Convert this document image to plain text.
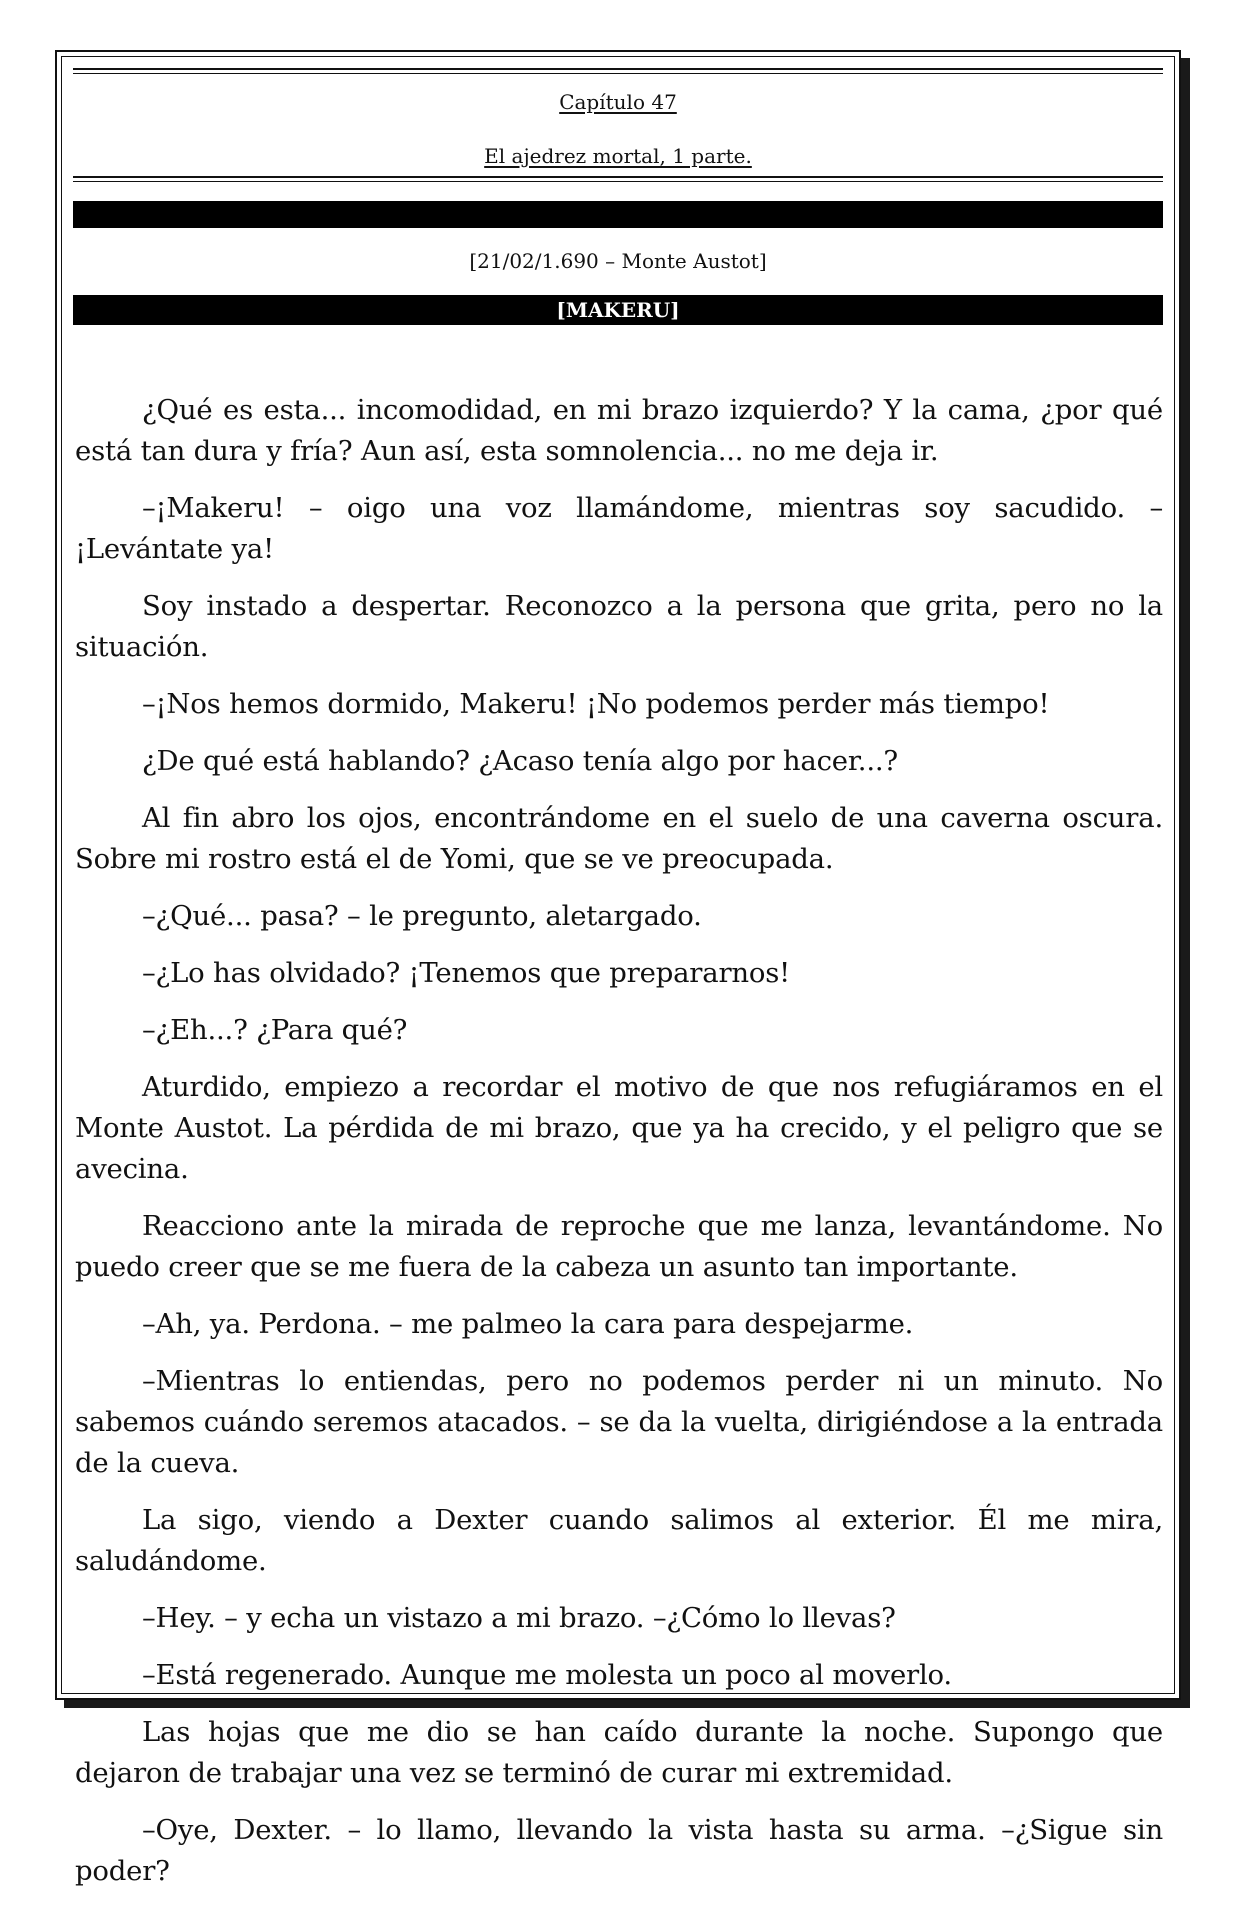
Capítulo 47
El ajedrez mortal, 1 parte.
[21/02/1.690 – Monte Austot]
[MAKERU]

¿Qué es esta... incomodidad, en mi brazo izquierdo? Y la cama, ¿por qué está tan dura y fría? Aun así, esta somnolencia... no me deja ir.

–¡Makeru! – oigo una voz llamándome, mientras soy sacudido. –¡Levántate ya!

Soy instado a despertar. Reconozco a la persona que grita, pero no la situación.

–¡Nos hemos dormido, Makeru! ¡No podemos perder más tiempo!

¿De qué está hablando? ¿Acaso tenía algo por hacer...?

Al fin abro los ojos, encontrándome en el suelo de una caverna oscura. Sobre mi rostro está el de Yomi, que se ve preocupada.

–¿Qué... pasa? – le pregunto, aletargado.

–¿Lo has olvidado? ¡Tenemos que prepararnos!

–¿Eh...? ¿Para qué?

Aturdido, empiezo a recordar el motivo de que nos refugiáramos en el Monte Austot. La pérdida de mi brazo, que ya ha crecido, y el peligro que se avecina.

Reacciono ante la mirada de reproche que me lanza, levantándome. No puedo creer que se me fuera de la cabeza un asunto tan importante.

–Ah, ya. Perdona. – me palmeo la cara para despejarme.

–Mientras lo entiendas, pero no podemos perder ni un minuto. No sabemos cuándo seremos atacados. – se da la vuelta, dirigiéndose a la entrada de la cueva.

La sigo, viendo a Dexter cuando salimos al exterior. Él me mira, saludándome.

–Hey. – y echa un vistazo a mi brazo. –¿Cómo lo llevas?

–Está regenerado. Aunque me molesta un poco al moverlo.

Las hojas que me dio se han caído durante la noche. Supongo que dejaron de trabajar una vez se terminó de curar mi extremidad.

–Oye, Dexter. – lo llamo, llevando la vista hasta su arma. –¿Sigue sin poder?
